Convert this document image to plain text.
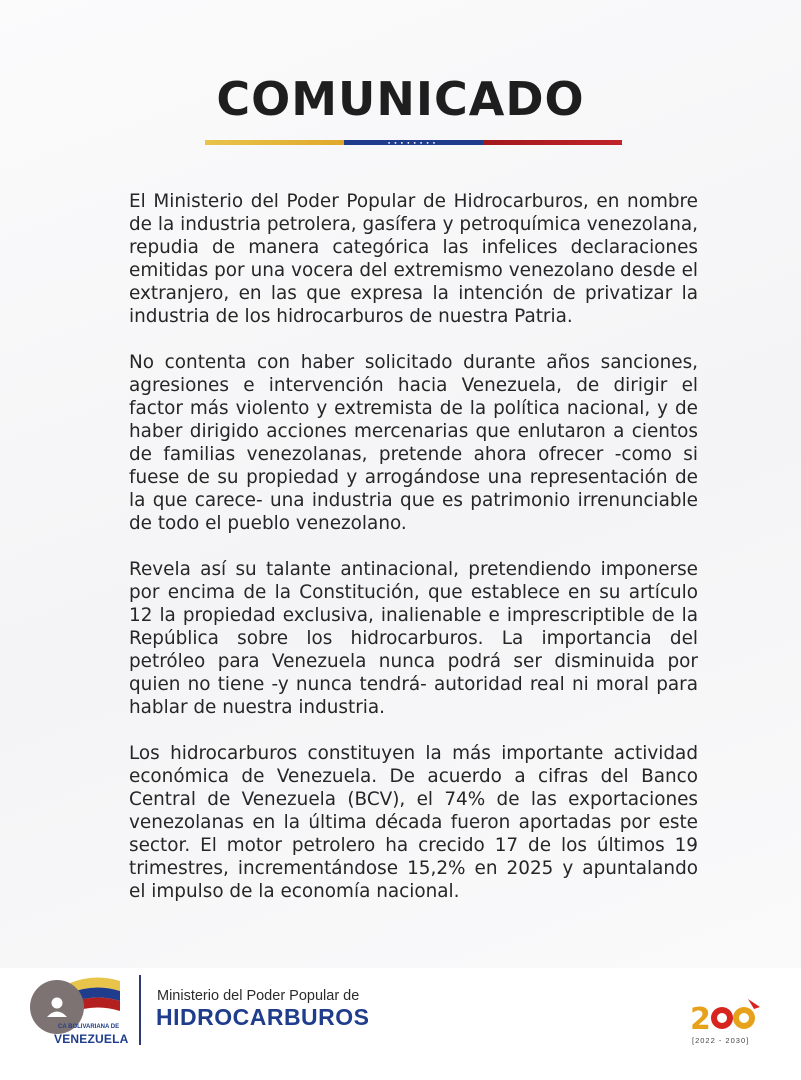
COMUNICADO
●●●●●●●●

El Ministerio del Poder Popular de Hidrocarburos, en nombre de la industria petrolera, gasífera y petroquímica venezolana, repudia de manera categórica las infelices declaraciones emitidas por una vocera del extremismo venezolano desde el extranjero, en las que expresa la intención de privatizar la industria de los hidrocarburos de nuestra Patria.

No contenta con haber solicitado durante años sanciones, agresiones e intervención hacia Venezuela, de dirigir el factor más violento y extremista de la política nacional, y de haber dirigido acciones mercenarias que enlutaron a cientos de familias venezolanas, pretende ahora ofrecer -como si fuese de su propiedad y arrogándose una representación de la que carece- una industria que es patrimonio irrenunciable de todo el pueblo venezolano.

Revela así su talante antinacional, pretendiendo imponerse por encima de la Constitución, que establece en su artículo 12 la propiedad exclusiva, inalienable e imprescriptible de la República sobre los hidrocarburos. La importancia del petróleo para Venezuela nunca podrá ser disminuida por quien no tiene -y nunca tendrá- autoridad real ni moral para hablar de nuestra industria.

Los hidrocarburos constituyen la más importante actividad económica de Venezuela. De acuerdo a cifras del Banco Central de Venezuela (BCV), el 74% de las exportaciones venezolanas en la última década fueron aportadas por este sector. El motor petrolero ha crecido 17 de los últimos 19 trimestres, incrementándose 15,2% en 2025 y apuntalando el impulso de la economía nacional.

CA BOLIVARIANA DE
VENEZUELA
Ministerio del Poder Popular de
HIDROCARBUROS	2
[2022 - 2030]
